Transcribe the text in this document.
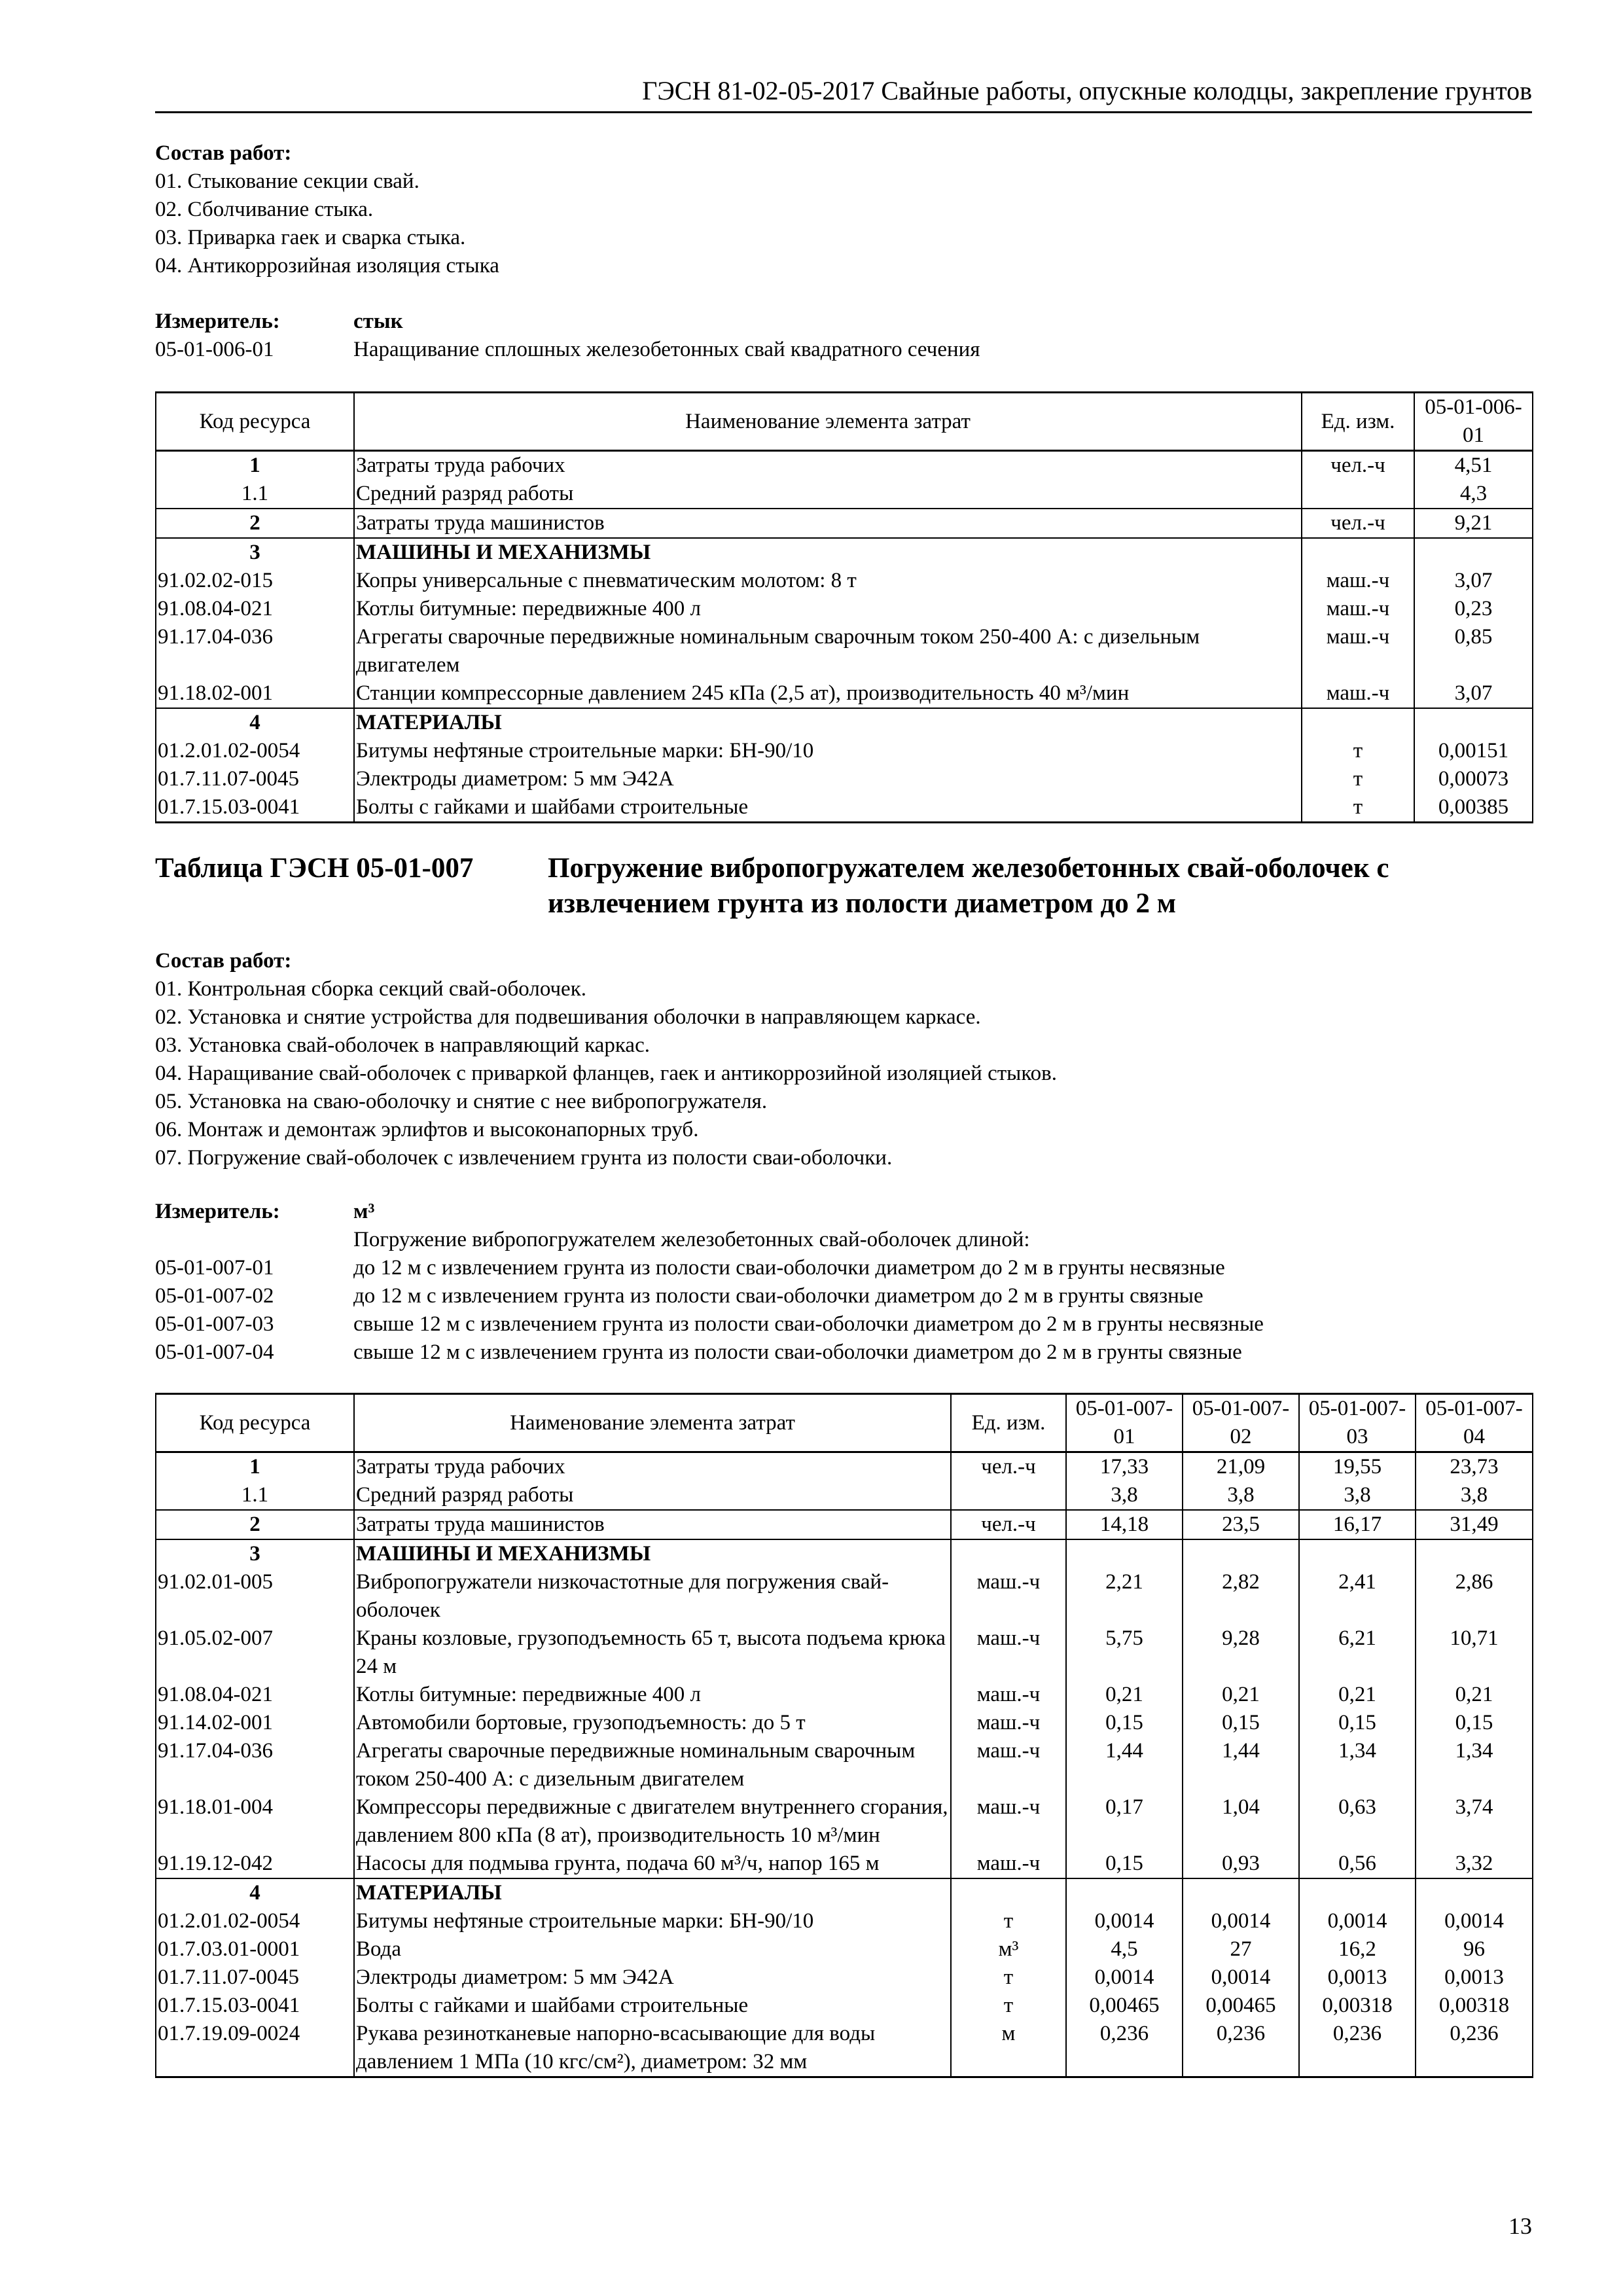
ГЭСН 81-02-05-2017 Свайные работы, опускные колодцы, закрепление грунтов
Состав работ:
01. Стыкование секции свай.
02. Сболчивание стыка.
03. Приварка гаек и сварка стыка.
04. Антикоррозийная изоляция стыка
Измеритель:	стык
05-01-006-01	Наращивание сплошных железобетонных свай квадратного сечения
Код ресурса	Наименование элемента затрат	Ед. изм.	05-01-006-01
1	Затраты труда рабочих	чел.-ч	4,51
1.1	Средний разряд работы		4,3
2	Затраты труда машинистов	чел.-ч	9,21
3	МАШИНЫ И МЕХАНИЗМЫ		
91.02.02-015	Копры универсальные с пневматическим молотом: 8 т	маш.-ч	3,07
91.08.04-021	Котлы битумные: передвижные 400 л	маш.-ч	0,23
91.17.04-036	Агрегаты сварочные передвижные номинальным сварочным током 250-400 А: с дизельным двигателем	маш.-ч	0,85
91.18.02-001	Станции компрессорные давлением 245 кПа (2,5 ат), производительность 40 м³/мин	маш.-ч	3,07
4	МАТЕРИАЛЫ		
01.2.01.02-0054	Битумы нефтяные строительные марки: БН-90/10	т	0,00151
01.7.11.07-0045	Электроды диаметром: 5 мм Э42А	т	0,00073
01.7.15.03-0041	Болты с гайками и шайбами строительные	т	0,00385
Таблица ГЭСН 05-01-007	Погружение вибропогружателем железобетонных свай-оболочек с извлечением грунта из полости диаметром до 2 м
Состав работ:
01. Контрольная сборка секций свай-оболочек.
02. Установка и снятие устройства для подвешивания оболочки в направляющем каркасе.
03. Установка свай-оболочек в направляющий каркас.
04. Наращивание свай-оболочек с приваркой фланцев, гаек и антикоррозийной изоляцией стыков.
05. Установка на сваю-оболочку и снятие с нее вибропогружателя.
06. Монтаж и демонтаж эрлифтов и высоконапорных труб.
07. Погружение свай-оболочек с извлечением грунта из полости сваи-оболочки.
Измеритель:	м³
Погружение вибропогружателем железобетонных свай-оболочек длиной:
05-01-007-01	до 12 м с извлечением грунта из полости сваи-оболочки диаметром до 2 м в грунты несвязные
05-01-007-02	до 12 м с извлечением грунта из полости сваи-оболочки диаметром до 2 м в грунты связные
05-01-007-03	свыше 12 м с извлечением грунта из полости сваи-оболочки диаметром до 2 м в грунты несвязные
05-01-007-04	свыше 12 м с извлечением грунта из полости сваи-оболочки диаметром до 2 м в грунты связные
Код ресурса	Наименование элемента затрат	Ед. изм.	05-01-007-01	05-01-007-02	05-01-007-03	05-01-007-04
1	Затраты труда рабочих	чел.-ч	17,33	21,09	19,55	23,73
1.1	Средний разряд работы		3,8	3,8	3,8	3,8
2	Затраты труда машинистов	чел.-ч	14,18	23,5	16,17	31,49
3	МАШИНЫ И МЕХАНИЗМЫ					
91.02.01-005	Вибропогружатели низкочастотные для погружения свай-оболочек	маш.-ч	2,21	2,82	2,41	2,86
91.05.02-007	Краны козловые, грузоподъемность 65 т, высота подъема крюка 24 м	маш.-ч	5,75	9,28	6,21	10,71
91.08.04-021	Котлы битумные: передвижные 400 л	маш.-ч	0,21	0,21	0,21	0,21
91.14.02-001	Автомобили бортовые, грузоподъемность: до 5 т	маш.-ч	0,15	0,15	0,15	0,15
91.17.04-036	Агрегаты сварочные передвижные номинальным сварочным током 250-400 А: с дизельным двигателем	маш.-ч	1,44	1,44	1,34	1,34
91.18.01-004	Компрессоры передвижные с двигателем внутреннего сгорания, давлением 800 кПа (8 ат), производительность 10 м³/мин	маш.-ч	0,17	1,04	0,63	3,74
91.19.12-042	Насосы для подмыва грунта, подача 60 м³/ч, напор 165 м	маш.-ч	0,15	0,93	0,56	3,32
4	МАТЕРИАЛЫ					
01.2.01.02-0054	Битумы нефтяные строительные марки: БН-90/10	т	0,0014	0,0014	0,0014	0,0014
01.7.03.01-0001	Вода	м³	4,5	27	16,2	96
01.7.11.07-0045	Электроды диаметром: 5 мм Э42А	т	0,0014	0,0014	0,0013	0,0013
01.7.15.03-0041	Болты с гайками и шайбами строительные	т	0,00465	0,00465	0,00318	0,00318
01.7.19.09-0024	Рукава резинотканевые напорно-всасывающие для воды давлением 1 МПа (10 кгс/см²), диаметром: 32 мм	м	0,236	0,236	0,236	0,236
13
